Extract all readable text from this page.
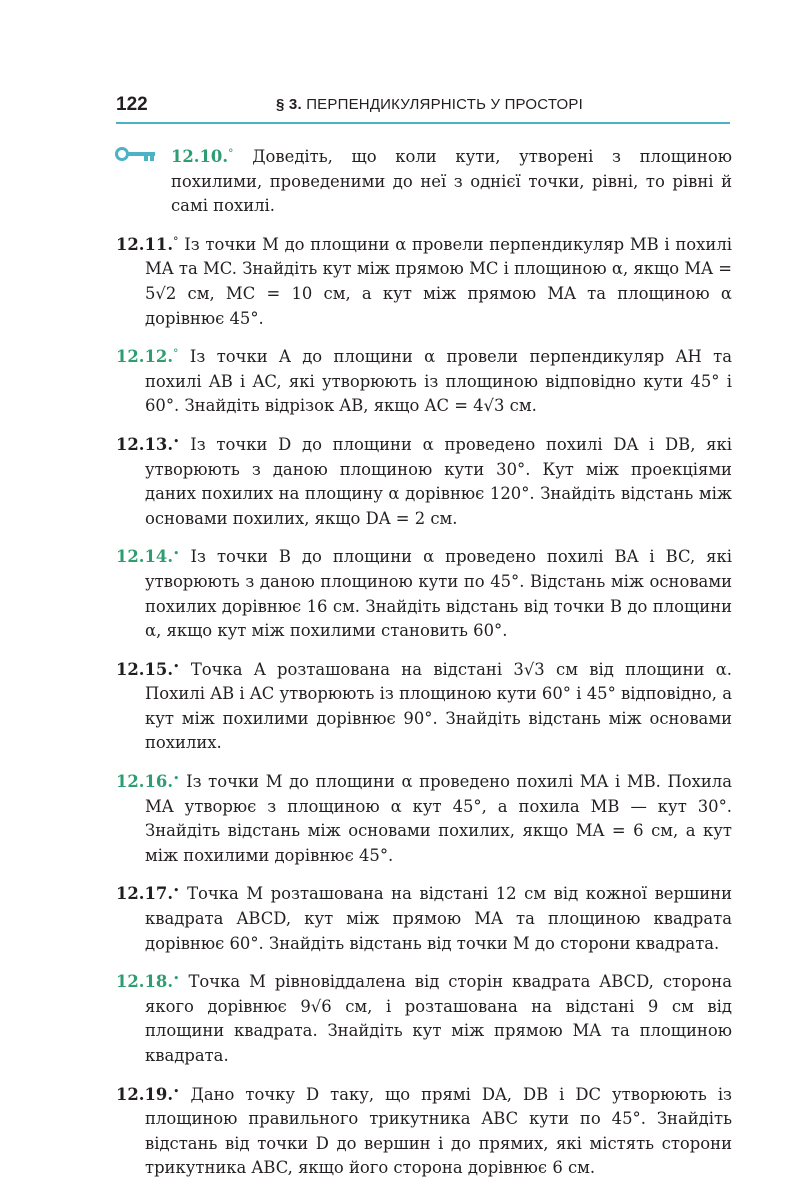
122	§ 3. ПЕРПЕНДИКУЛЯРНІСТЬ У ПРОСТОРІ
12.10.° Доведіть, що коли кути, утворені з площиною похилими, проведеними до неї з однієї точки, рівні, то рівні й самі похилі.
12.11.° Із точки M до площини α провели перпендикуляр MB і похилі MA та MC. Знайдіть кут між прямою MC і площиною α, якщо MA = 5√2 см, MC = 10 см, а кут між прямою MA та площиною α дорівнює 45°.
12.12.° Із точки A до площини α провели перпендикуляр AH та похилі AB і AC, які утворюють із площиною відповідно кути 45° і 60°. Знайдіть відрізок AB, якщо AC = 4√3 см.
12.13.• Із точки D до площини α проведено похилі DA і DB, які утворюють з даною площиною кути 30°. Кут між проекціями даних похилих на площину α дорівнює 120°. Знайдіть відстань між основами похилих, якщо DA = 2 см.
12.14.• Із точки B до площини α проведено похилі BA і BC, які утворюють з даною площиною кути по 45°. Відстань між основами похилих дорівнює 16 см. Знайдіть відстань від точки B до площини α, якщо кут між похилими становить 60°.
12.15.• Точка A розташована на відстані 3√3 см від площини α. Похилі AB і AC утворюють із площиною кути 60° і 45° відповідно, а кут між похилими дорівнює 90°. Знайдіть відстань між основами похилих.
12.16.• Із точки M до площини α проведено похилі MA і MB. Похила MA утворює з площиною α кут 45°, а похила MB — кут 30°. Знайдіть відстань між основами похилих, якщо MA = 6 см, а кут між похилими дорівнює 45°.
12.17.• Точка M розташована на відстані 12 см від кожної вершини квадрата ABCD, кут між прямою MA та площиною квадрата дорівнює 60°. Знайдіть відстань від точки M до сторони квадрата.
12.18.• Точка M рівновіддалена від сторін квадрата ABCD, сторона якого дорівнює 9√6 см, і розташована на відстані 9 см від площини квадрата. Знайдіть кут між прямою MA та площиною квадрата.
12.19.• Дано точку D таку, що прямі DA, DB і DC утворюють із площиною правильного трикутника ABC кути по 45°. Знайдіть відстань від точки D до вершин і до прямих, які містять сторони трикутника ABC, якщо його сторона дорівнює 6 см.
